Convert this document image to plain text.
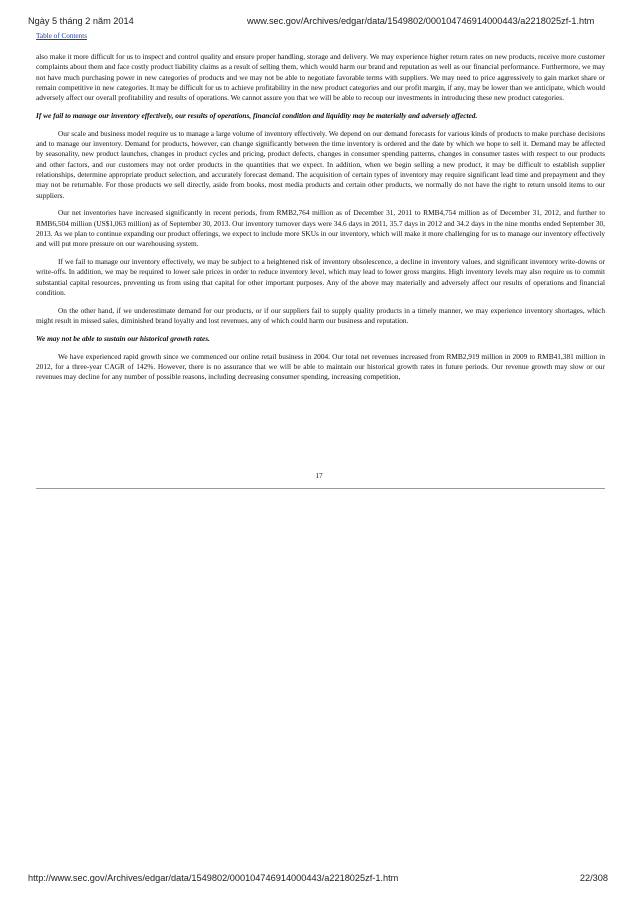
Ngày 5 tháng 2 năm 2014	www.sec.gov/Archives/edgar/data/1549802/000104746914000443/a2218025zf-1.htm
Table of Contents

also make it more difficult for us to inspect and control quality and ensure proper handling, storage and delivery. We may experience higher return rates on new products, receive more customer complaints about them and face costly product liability claims as a result of selling them, which would harm our brand and reputation as well as our financial performance. Furthermore, we may not have much purchasing power in new categories of products and we may not be able to negotiate favorable terms with suppliers. We may need to price aggressively to gain market share or remain competitive in new categories. It may be difficult for us to achieve profitability in the new product categories and our profit margin, if any, may be lower than we anticipate, which would adversely affect our overall profitability and results of operations. We cannot assure you that we will be able to recoup our investments in introducing these new product categories.

If we fail to manage our inventory effectively, our results of operations, financial condition and liquidity may be materially and adversely affected.

Our scale and business model require us to manage a large volume of inventory effectively. We depend on our demand forecasts for various kinds of products to make purchase decisions and to manage our inventory. Demand for products, however, can change significantly between the time inventory is ordered and the date by which we hope to sell it. Demand may be affected by seasonality, new product launches, changes in product cycles and pricing, product defects, changes in consumer spending patterns, changes in consumer tastes with respect to our products and other factors, and our customers may not order products in the quantities that we expect. In addition, when we begin selling a new product, it may be difficult to establish supplier relationships, determine appropriate product selection, and accurately forecast demand. The acquisition of certain types of inventory may require significant lead time and prepayment and they may not be returnable. For those products we sell directly, aside from books, most media products and certain other products, we normally do not have the right to return unsold items to our suppliers.

Our net inventories have increased significantly in recent periods, from RMB2,764 million as of December 31, 2011 to RMB4,754 million as of December 31, 2012, and further to RMB6,504 million (US$1,063 million) as of September 30, 2013. Our inventory turnover days were 34.6 days in 2011, 35.7 days in 2012 and 34.2 days in the nine months ended September 30, 2013. As we plan to continue expanding our product offerings, we expect to include more SKUs in our inventory, which will make it more challenging for us to manage our inventory effectively and will put more pressure on our warehousing system.

If we fail to manage our inventory effectively, we may be subject to a heightened risk of inventory obsolescence, a decline in inventory values, and significant inventory write-downs or write-offs. In addition, we may be required to lower sale prices in order to reduce inventory level, which may lead to lower gross margins. High inventory levels may also require us to commit substantial capital resources, preventing us from using that capital for other important purposes. Any of the above may materially and adversely affect our results of operations and financial condition.

On the other hand, if we underestimate demand for our products, or if our suppliers fail to supply quality products in a timely manner, we may experience inventory shortages, which might result in missed sales, diminished brand loyalty and lost revenues, any of which could harm our business and reputation.

We may not be able to sustain our historical growth rates.

We have experienced rapid growth since we commenced our online retail business in 2004. Our total net revenues increased from RMB2,919 million in 2009 to RMB41,381 million in 2012, for a three-year CAGR of 142%. However, there is no assurance that we will be able to maintain our historical growth rates in future periods. Our revenue growth may slow or our revenues may decline for any number of possible reasons, including decreasing consumer spending, increasing competition,

17
http://www.sec.gov/Archives/edgar/data/1549802/000104746914000443/a2218025zf-1.htm	22/308
